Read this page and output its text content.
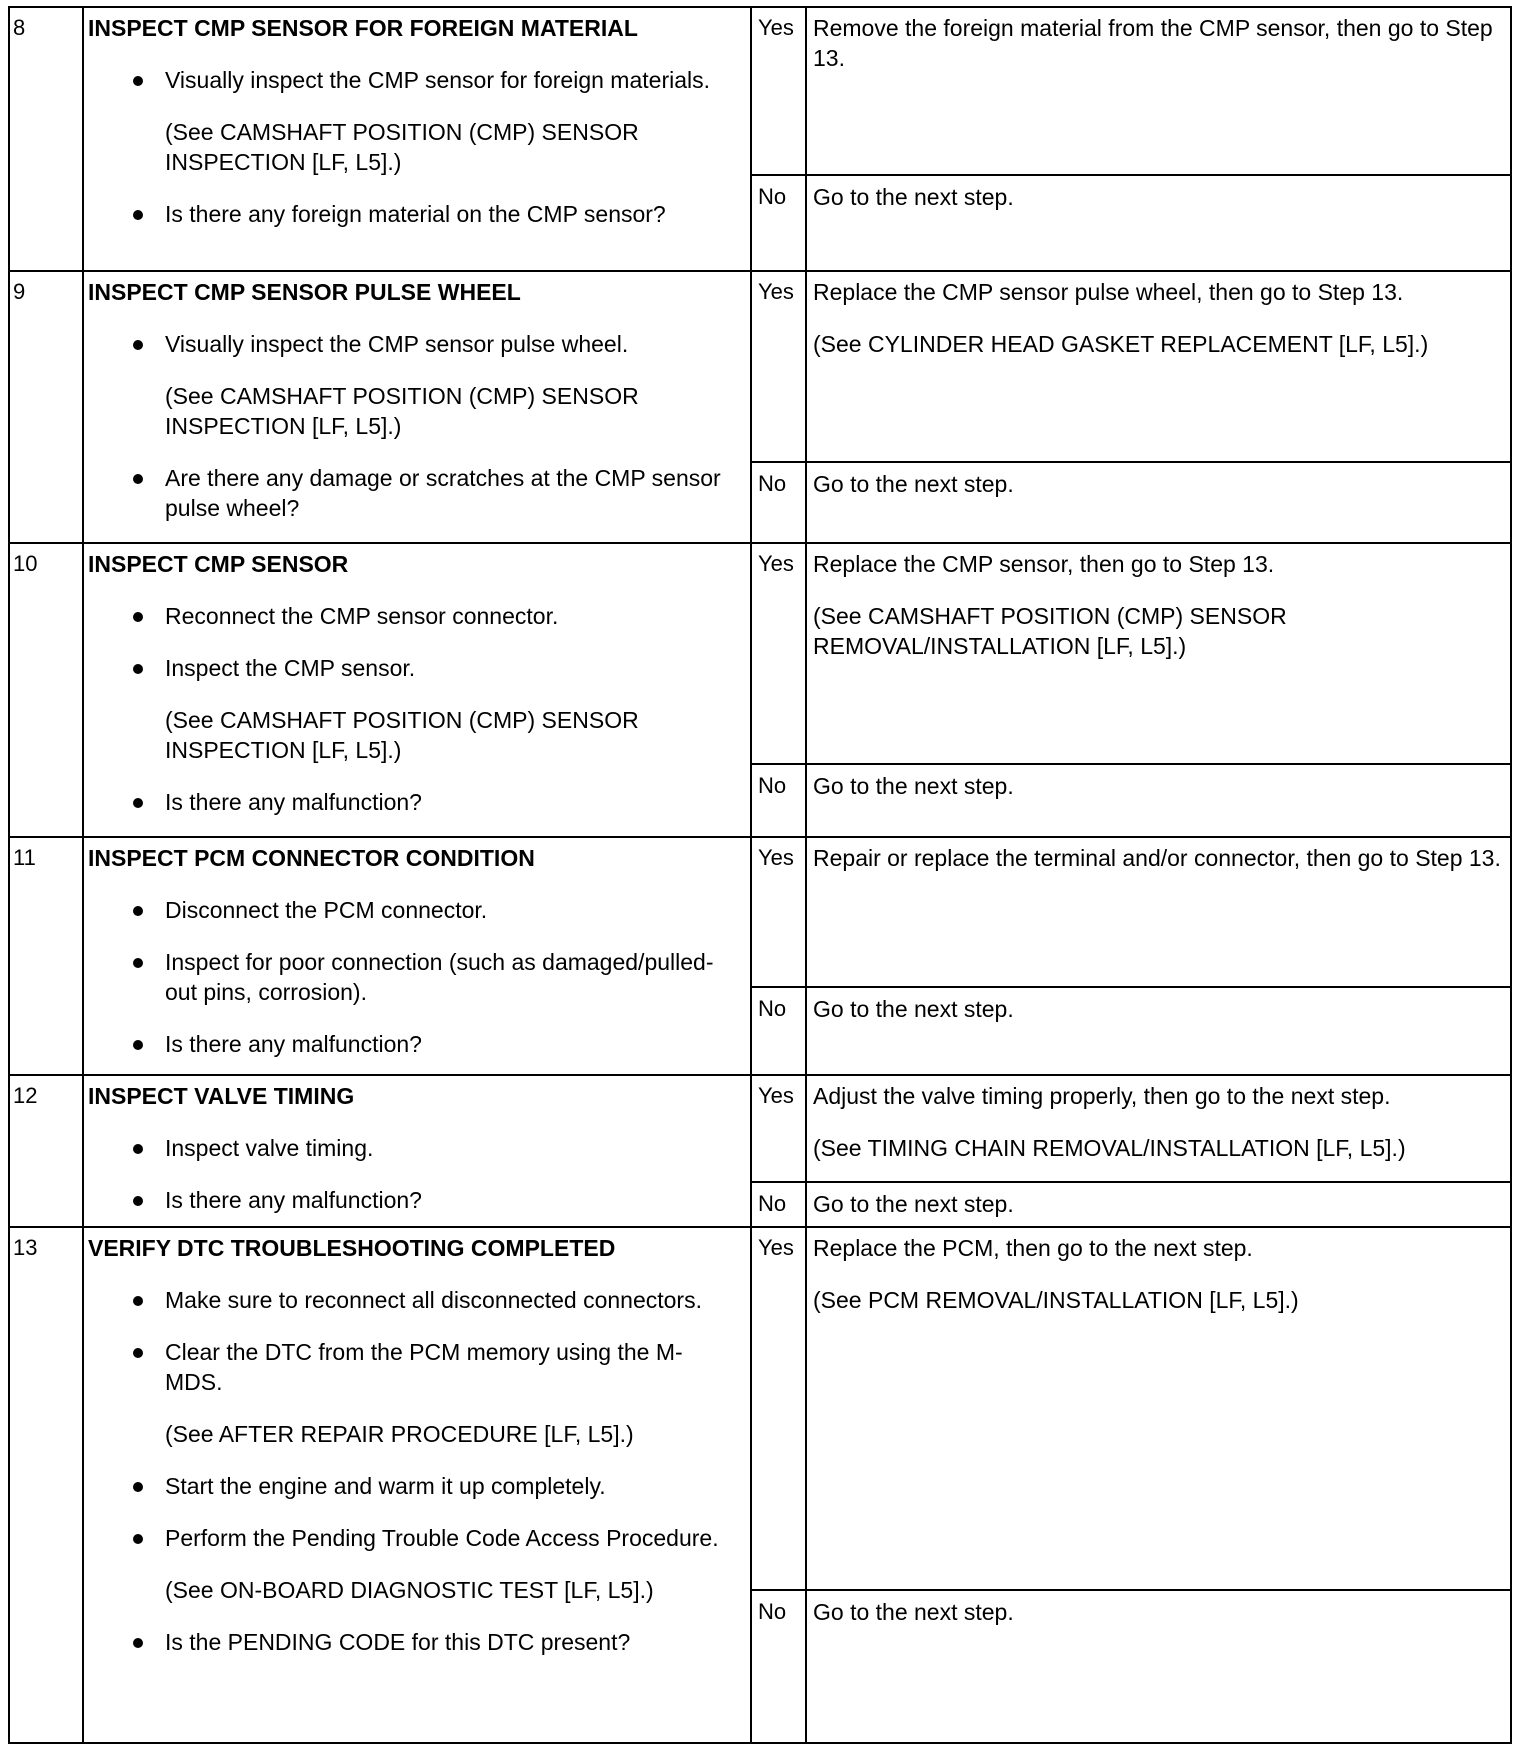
8	INSPECT CMP SENSOR FOR FOREIGN MATERIAL
Visually inspect the CMP sensor for foreign materials.
(See CAMSHAFT POSITION (CMP) SENSOR INSPECTION [LF, L5].)
Is there any foreign material on the CMP sensor?
Yes Remove the foreign material from the CMP sensor, then go to Step 13.

No Go to the next step.

9	INSPECT CMP SENSOR PULSE WHEEL
Visually inspect the CMP sensor pulse wheel.
(See CAMSHAFT POSITION (CMP) SENSOR INSPECTION [LF, L5].)
Are there any damage or scratches at the CMP sensor pulse wheel?
Yes Replace the CMP sensor pulse wheel, then go to Step 13.

(See CYLINDER HEAD GASKET REPLACEMENT [LF, L5].)

No Go to the next step.

10 INSPECT CMP SENSOR
Reconnect the CMP sensor connector.
Inspect the CMP sensor.
(See CAMSHAFT POSITION (CMP) SENSOR INSPECTION [LF, L5].)
Is there any malfunction?
Yes Replace the CMP sensor, then go to Step 13.

(See CAMSHAFT POSITION (CMP) SENSOR REMOVAL/INSTALLATION [LF, L5].)

No Go to the next step.

11 INSPECT PCM CONNECTOR CONDITION
Disconnect the PCM connector.
Inspect for poor connection (such as damaged/pulled-out pins, corrosion).
Is there any malfunction?
Yes Repair or replace the terminal and/or connector, then go to Step 13.

No Go to the next step.

12 INSPECT VALVE TIMING
Inspect valve timing.
Is there any malfunction?
Yes Adjust the valve timing properly, then go to the next step.

(See TIMING CHAIN REMOVAL/INSTALLATION [LF, L5].)

No Go to the next step.

13 VERIFY DTC TROUBLESHOOTING COMPLETED
Make sure to reconnect all disconnected connectors.
Clear the DTC from the PCM memory using the M-MDS.
(See AFTER REPAIR PROCEDURE [LF, L5].)
Start the engine and warm it up completely.
Perform the Pending Trouble Code Access Procedure.
(See ON-BOARD DIAGNOSTIC TEST [LF, L5].)
Is the PENDING CODE for this DTC present?
Yes Replace the PCM, then go to the next step.

(See PCM REMOVAL/INSTALLATION [LF, L5].)

No Go to the next step.
